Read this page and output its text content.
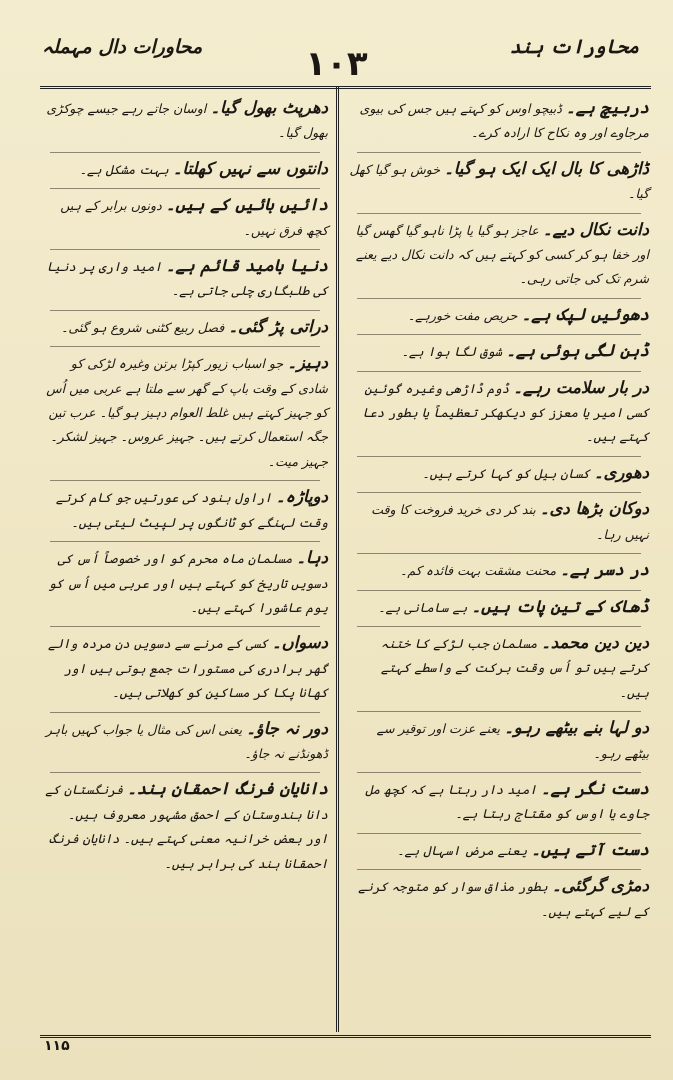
محاورات ہند
۱۰۳
محاورات دال مہملہ

دربیچ ہے۔ ڈبیچو اوس کو کہتے ہیں جس کی بیوی مرجاوے اور وہ نکاح کا ارادہ کرے۔

ڈاڑھی کا بال ایک ایک ہو گیا۔ خوش ہو گیا کھل گیا۔

دانت نکال دیے۔ عاجز ہو گیا یا پڑا ناہو گیا گھس گیا اور خفا ہو کر کسی کو کہتے ہیں کہ دانت نکال دیے یعنے شرم تک کی جاتی رہی۔

دھوئیں لپک ہے۔ حریص مفت خورہے۔

ڈہن لگی ہوئی ہے۔ شوق لگا ہوا ہے۔

در بار سلامت رہے۔ ڈوم ڈاڑھی وغیرہ گوئین کسی امیر یا معزز کو دیکھکر تعظیماً یا بطور دعا کہتے ہیں۔

دھوری۔ کسان بیل کو کہا کرتے ہیں۔

دوکان بڑھا دی۔ بند کر دی خرید فروخت کا وقت نہیں رہا۔

در دسر ہے۔ محنت مشقت بہت فائدہ کم۔

ڈھاک کے تین پات ہیں۔ بے سامانی ہے۔

دین دین محمد۔ مسلمان جب لڑکے کا ختنہ کرتے ہیں تو اُس وقت برکت کے واسطے کہتے ہیں۔

دو لہا بنے بیٹھے رہو۔ یعنے عزت اور توقیر سے بیٹھے رہو۔

دست نگر ہے۔ امید دار رہتا ہے کہ کچھ مل جاوے یا اوس کو مقتاج رہتا ہے۔

دست آتے ہیں۔ یعنے مرض اسہال ہے۔

دمڑی گرگئی۔ بطور مذاق سوار کو متوجہ کرنے کے لیے کہتے ہیں۔

دھرپٹ بھول گیا۔ اوسان جاتے رہے جیسے چوکڑی بھول گیا۔

دانتوں سے نہیں کھلتا۔ بہت مشکل ہے۔

دائیں بائیں کے ہیں۔ دونوں برابر کے ہیں کچھ فرق نہیں۔

دنیا بامید قائم ہے۔ امید واری پر دنیا کی طلبگاری چلی جاتی ہے۔

دراتی پڑ گئی۔ فصل ربیع کٹنی شروع ہو گئی۔

دہیز۔ جو اسباب زیور کپڑا برتن وغیرہ لڑکی کو شادی کے وقت باپ کے گھر سے ملتا ہے عربی میں اُس کو جہیز کہتے ہیں غلط العوام دہیز ہو گیا۔ عرب تین جگہ استعمال کرتے ہیں۔ جہیز عروس۔ جہیز لشکر۔ جہیز میت۔

دوپاڑہ۔ اراول ہنود کی عورتیں جو کام کرتے وقت لہنگے کو ٹانگوں پر لپیٹ لیتی ہیں۔

دہا۔ مسلمان ماہ محرم کو اور خصوصاً اُس کی دسویں تاریخ کو کہتے ہیں اور عربی میں اُس کو یوم عاشورا کہتے ہیں۔

دسواں۔ کسی کے مرنے سے دسویں دن مردہ والے گھر برادری کی مستورات جمع ہوتی ہیں اور کھانا پکا کر مساکین کو کھلاتی ہیں۔

دور نہ جاؤ۔ یعنی اس کی مثال یا جواب کہیں باہر ڈھونڈنے نہ جاؤ۔

دانایان فرنگ احمقان ہند۔ فرنگستان کے دانا ہندوستان کے احمق مشہور معروف ہیں۔ اور بعض خرانیہ معنی کہتے ہیں۔ دانایان فرنگ احمقانا ہند کی برابر ہیں۔

۱۱۵
